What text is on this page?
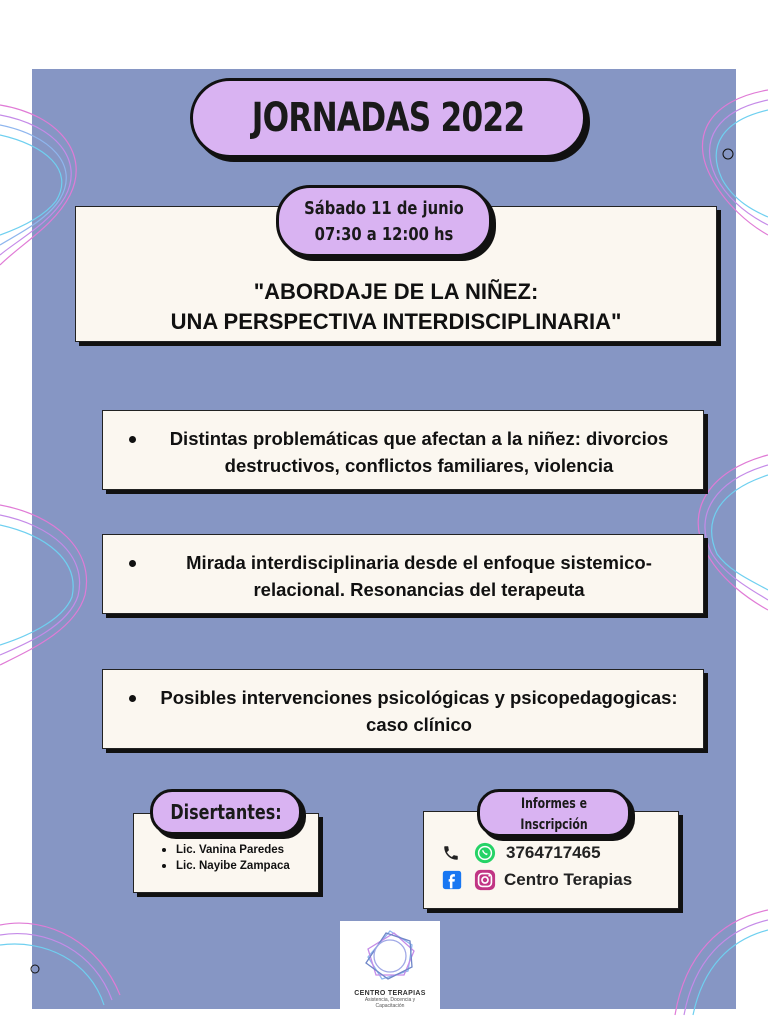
JORNADAS 2022
"ABORDAJE DE LA NIÑEZ:
UNA PERSPECTIVA INTERDISCIPLINARIA"
Sábado 11 de junio
07:30 a 12:00 hs
Distintas problemáticas que afectan a la niñez: divorcios
destructivos, conflictos familiares, violencia
Mirada interdisciplinaria desde el enfoque sistemico-
relacional. Resonancias del terapeuta
Posibles intervenciones psicológicas y psicopedagogicas:
caso clínico
Lic. Vanina Paredes
Lic. Nayibe Zampaca
Disertantes:
3764717465
Centro Terapias
Informes e
Inscripción
CENTRO TERAPIAS
Asistencia, Docencia y
Capacitación
